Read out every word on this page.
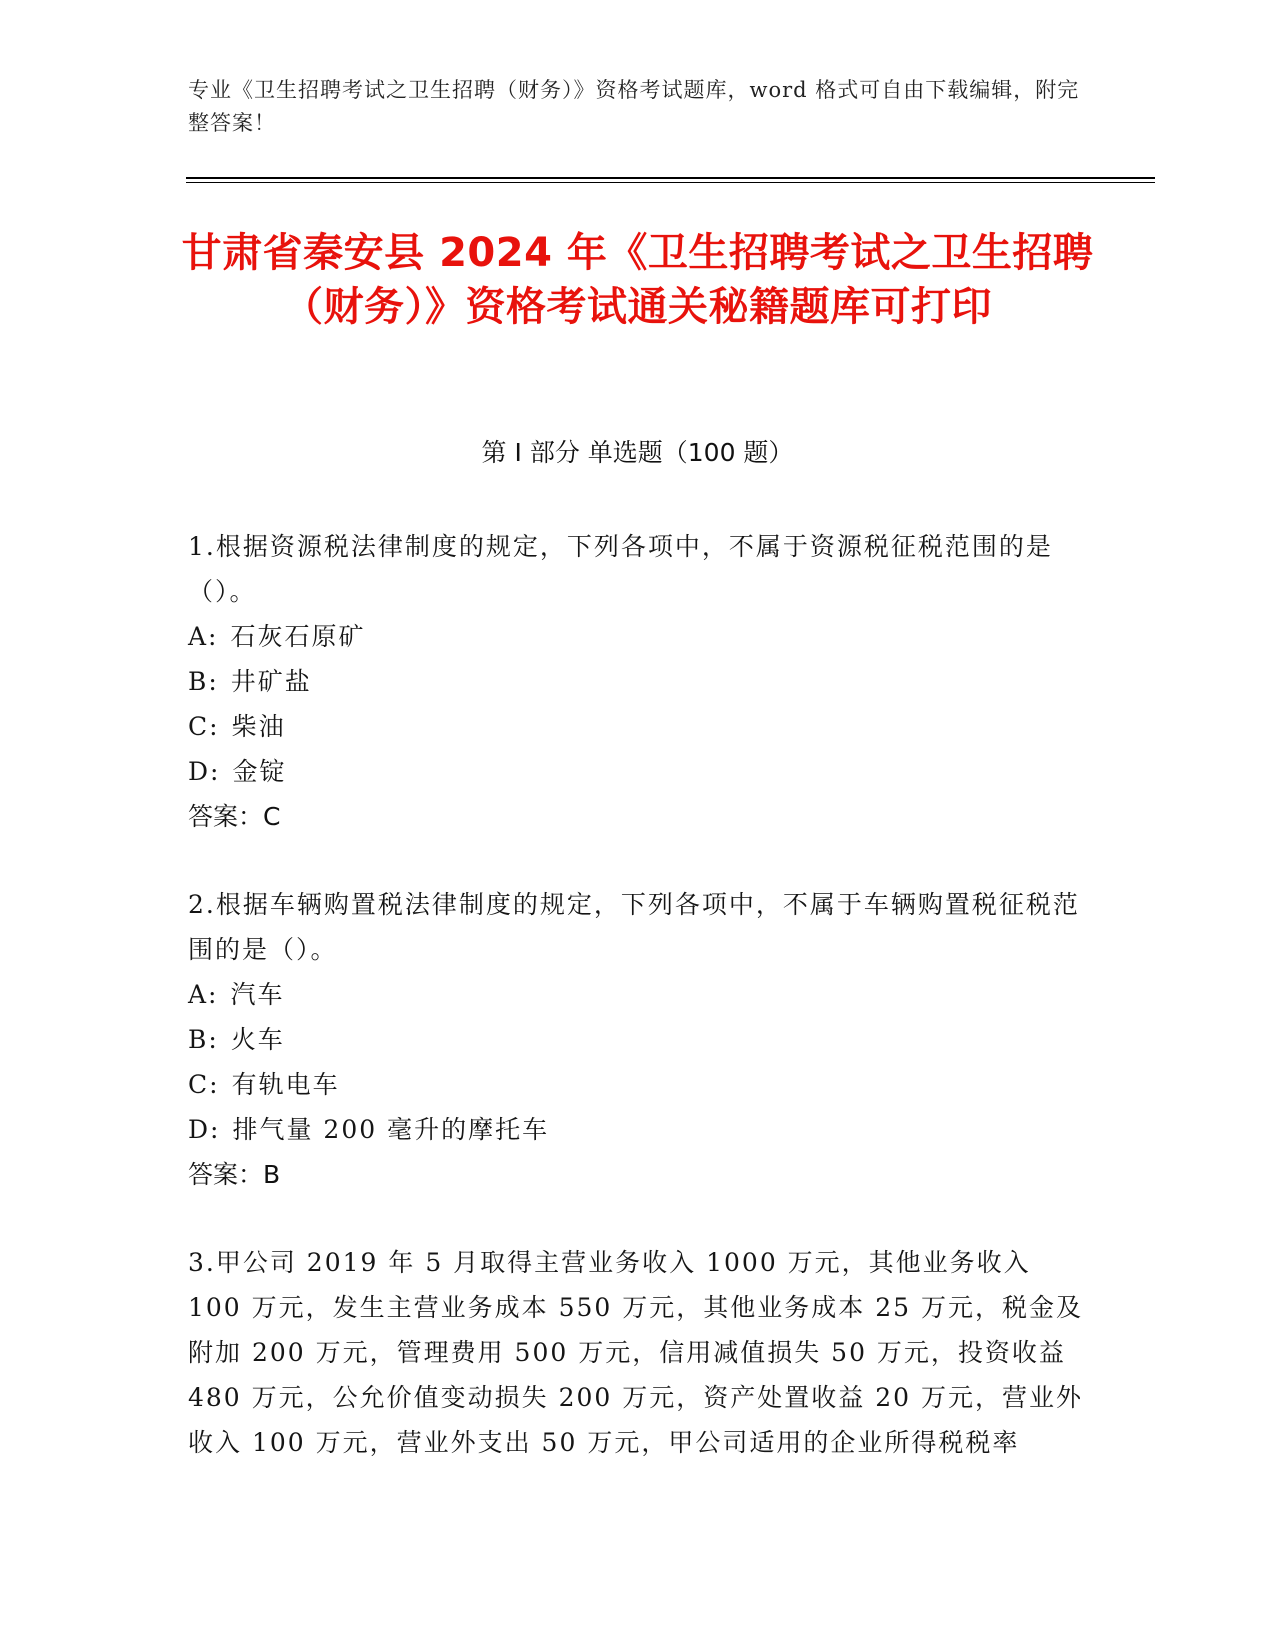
专业《卫生招聘考试之卫生招聘（财务）》资格考试题库，word 格式可自由下载编辑，附完整答案！
甘肃省秦安县 2024 年《卫生招聘考试之卫生招聘（财务）》资格考试通关秘籍题库可打印
第 I 部分 单选题（100 题）
1.根据资源税法律制度的规定，下列各项中，不属于资源税征税范围的是（）。
A: 石灰石原矿
B: 井矿盐
C: 柴油
D: 金锭
答案：C
2.根据车辆购置税法律制度的规定，下列各项中，不属于车辆购置税征税范围的是（）。
A: 汽车
B: 火车
C: 有轨电车
D: 排气量 200 毫升的摩托车
答案：B
3.甲公司 2019 年 5 月取得主营业务收入 1000 万元，其他业务收入 100 万元，发生主营业务成本 550 万元，其他业务成本 25 万元，税金及附加 200 万元，管理费用 500 万元，信用减值损失 50 万元，投资收益 480 万元，公允价值变动损失 200 万元，资产处置收益 20 万元，营业外收入 100 万元，营业外支出 50 万元，甲公司适用的企业所得税税率
